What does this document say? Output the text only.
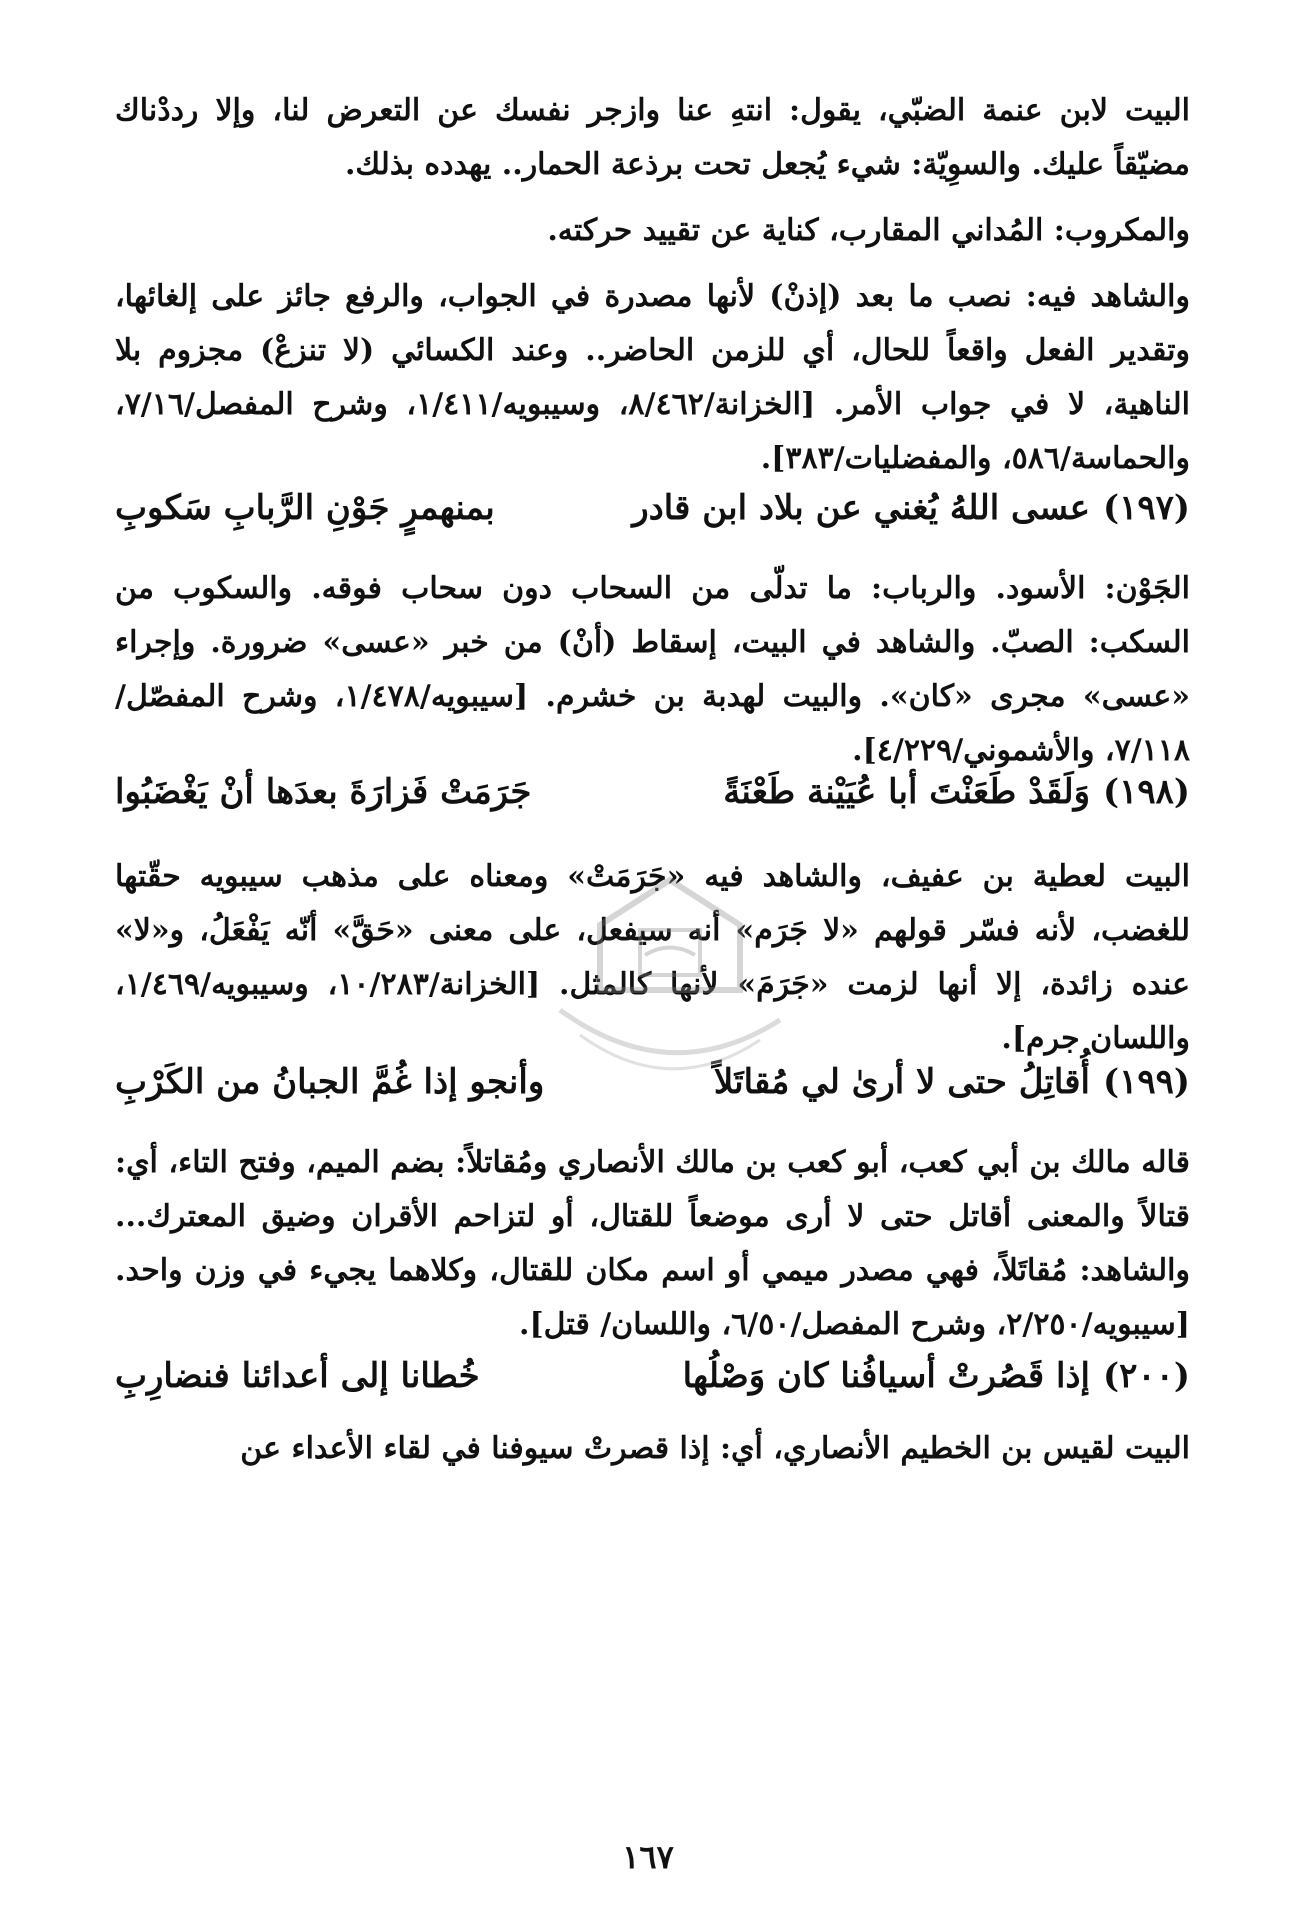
البيت لابن عنمة الضبّي، يقول: انتهِ عنا وازجر نفسك عن التعرض لنا، وإلا رددْناك مضيّقاً عليك. والسوِيّة: شيء يُجعل تحت برذعة الحمار.. يهدده بذلك.
والمكروب: المُداني المقارب، كناية عن تقييد حركته.
والشاهد فيه: نصب ما بعد (إذنْ) لأنها مصدرة في الجواب، والرفع جائز على إلغائها، وتقدير الفعل واقعاً للحال، أي للزمن الحاضر.. وعند الكسائي (لا تنزعْ) مجزوم بلا الناهية، لا في جواب الأمر. [الخزانة/٨/٤٦٢، وسيبويه/١/٤١١، وشرح المفصل/٧/١٦، والحماسة/٥٨٦، والمفضليات/٣٨٣].
(١٩٧)
عسى اللهُ يُغني عن بلاد ابن قادر
بمنهمرٍ جَوْنِ الرَّبابِ سَكوبِ
الجَوْن: الأسود. والرباب: ما تدلّى من السحاب دون سحاب فوقه. والسكوب من السكب: الصبّ. والشاهد في البيت، إسقاط (أنْ) من خبر «عسى» ضرورة. وإجراء «عسى» مجرى «كان». والبيت لهدبة بن خشرم. [سيبويه/١/٤٧٨، وشرح المفصّل/٧/١١٨، والأشموني/٤/٢٢٩].
(١٩٨)
وَلَقَدْ طَعَنْتَ أبا عُيَيْنة طَعْنَةً
جَرَمَتْ فَزارَةَ بعدَها أنْ يَغْضَبُوا
البيت لعطية بن عفيف، والشاهد فيه «جَرَمَتْ» ومعناه على مذهب سيبويه حقّتها للغضب، لأنه فسّر قولهم «لا جَرَم» أنه سيفعل، على معنى «حَقَّ» أنّه يَفْعَلُ، و«لا» عنده زائدة، إلا أنها لزمت «جَرَمَ» لأنها كالمثل. [الخزانة/١٠/٢٨٣، وسيبويه/١/٤٦٩، واللسان جرم].
(١٩٩)
أُقاتِلُ حتى لا أرىٰ لي مُقاتَلاً
وأنجو إذا غُمَّ الجبانُ من الكَرْبِ
قاله مالك بن أبي كعب، أبو كعب بن مالك الأنصاري ومُقاتلاً: بضم الميم، وفتح التاء، أي: قتالاً والمعنى أقاتل حتى لا أرى موضعاً للقتال، أو لتزاحم الأقران وضيق المعترك... والشاهد: مُقاتَلاً، فهي مصدر ميمي أو اسم مكان للقتال، وكلاهما يجيء في وزن واحد. [سيبويه/٢/٢٥٠، وشرح المفصل/٦/٥٠، واللسان/ قتل].
(٢٠٠)
إذا قَصُرتْ أسيافُنا كان وَصْلُها
خُطانا إلى أعدائنا فنضارِبِ
البيت لقيس بن الخطيم الأنصاري، أي: إذا قصرتْ سيوفنا في لقاء الأعداء عن
١٦٧
